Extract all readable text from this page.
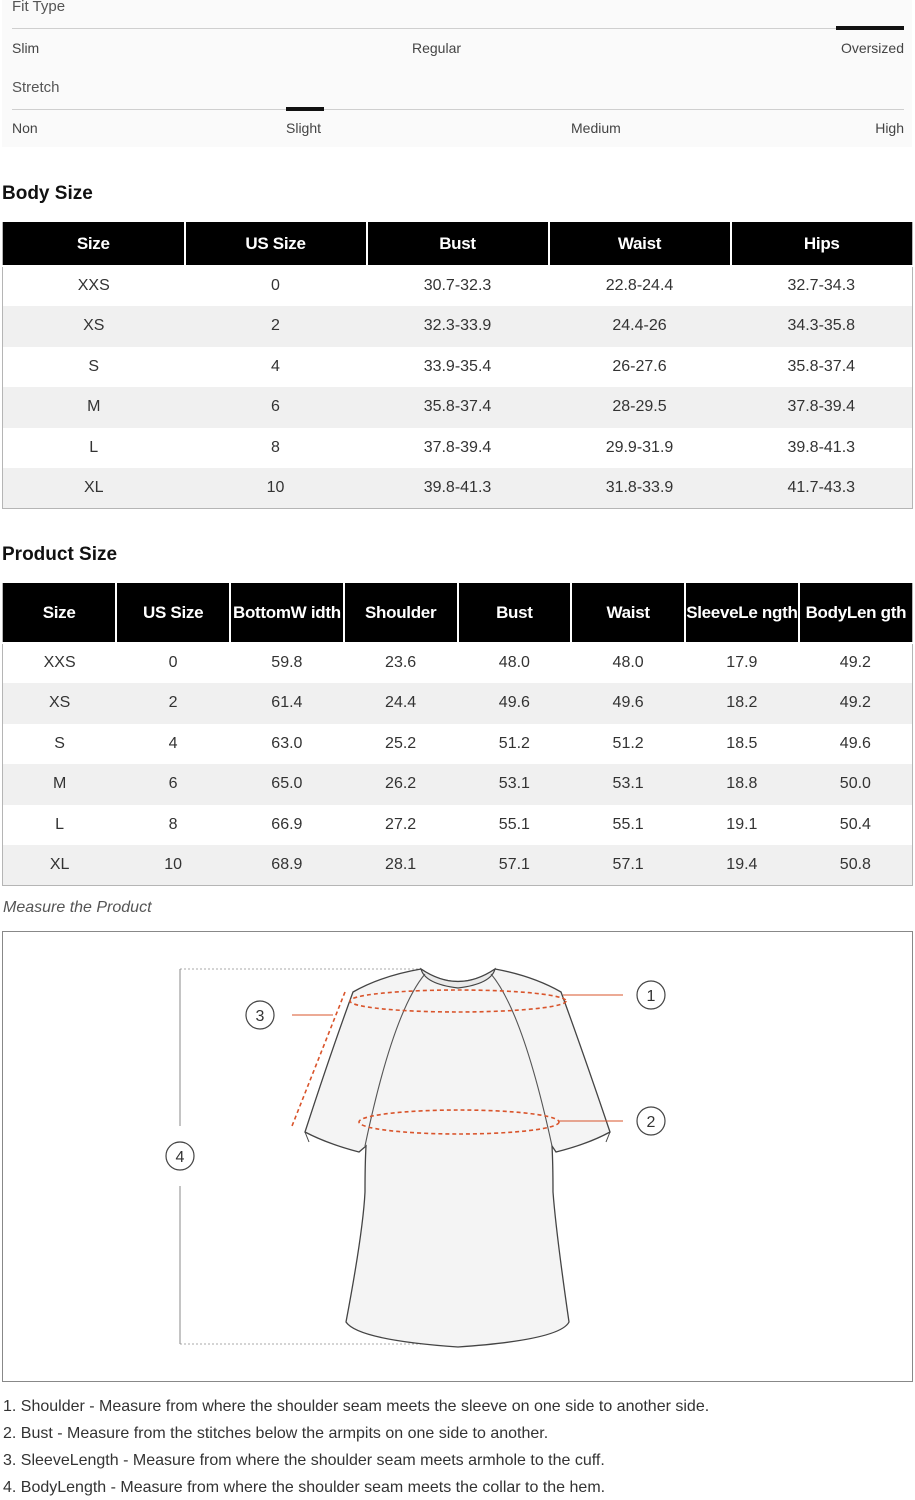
Fit Type
Slim	Regular	Oversized
Stretch
Non	Slight	Medium	High
Body Size
Size	US Size	Bust	Waist	Hips
XXS	0	30.7-32.3	22.8-24.4	32.7-34.3
XS	2	32.3-33.9	24.4-26	34.3-35.8
S	4	33.9-35.4	26-27.6	35.8-37.4
M	6	35.8-37.4	28-29.5	37.8-39.4
L	8	37.8-39.4	29.9-31.9	39.8-41.3
XL	10	39.8-41.3	31.8-33.9	41.7-43.3
Product Size
Size	US Size	BottomW idth	Shoulder	Bust	Waist	SleeveLe ngth	BodyLen gth
XXS	0	59.8	23.6	48.0	48.0	17.9	49.2
XS	2	61.4	24.4	49.6	49.6	18.2	49.2
S	4	63.0	25.2	51.2	51.2	18.5	49.6
M	6	65.0	26.2	53.1	53.1	18.8	50.0
L	8	66.9	27.2	55.1	55.1	19.1	50.4
XL	10	68.9	28.1	57.1	57.1	19.4	50.8
Measure the Product
1
2
3
4
1. Shoulder - Measure from where the shoulder seam meets the sleeve on one side to another side.
2. Bust - Measure from the stitches below the armpits on one side to another.
3. SleeveLength - Measure from where the shoulder seam meets armhole to the cuff.
4. BodyLength - Measure from where the shoulder seam meets the collar to the hem.
